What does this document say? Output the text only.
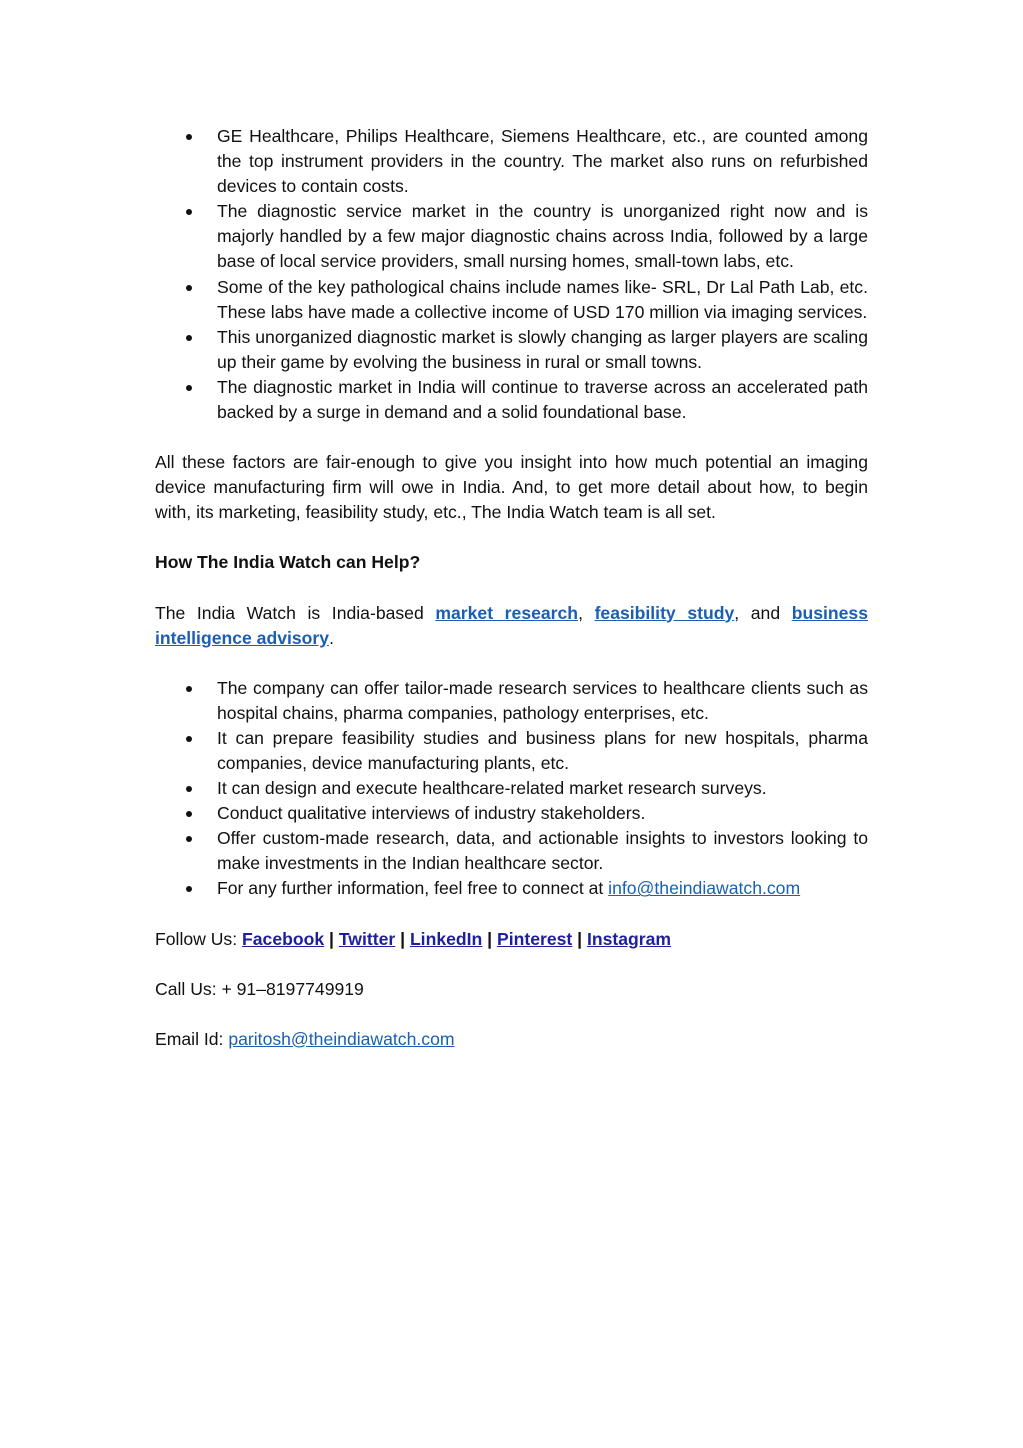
GE Healthcare, Philips Healthcare, Siemens Healthcare, etc., are counted among the top instrument providers in the country. The market also runs on refurbished devices to contain costs.
The diagnostic service market in the country is unorganized right now and is majorly handled by a few major diagnostic chains across India, followed by a large base of local service providers, small nursing homes, small-town labs, etc.
Some of the key pathological chains include names like- SRL, Dr Lal Path Lab, etc. These labs have made a collective income of USD 170 million via imaging services.
This unorganized diagnostic market is slowly changing as larger players are scaling up their game by evolving the business in rural or small towns.
The diagnostic market in India will continue to traverse across an accelerated path backed by a surge in demand and a solid foundational base.

All these factors are fair-enough to give you insight into how much potential an imaging device manufacturing firm will owe in India. And, to get more detail about how, to begin with, its marketing, feasibility study, etc., The India Watch team is all set.

How The India Watch can Help?

The India Watch is India-based market research, feasibility study, and business intelligence advisory.

The company can offer tailor-made research services to healthcare clients such as hospital chains, pharma companies, pathology enterprises, etc.
It can prepare feasibility studies and business plans for new hospitals, pharma companies, device manufacturing plants, etc.
It can design and execute healthcare-related market research surveys.
Conduct qualitative interviews of industry stakeholders.
Offer custom-made research, data, and actionable insights to investors looking to make investments in the Indian healthcare sector.
For any further information, feel free to connect at info@theindiawatch.com

Follow Us: Facebook | Twitter | LinkedIn | Pinterest | Instagram

Call Us: + 91–8197749919

Email Id: paritosh@theindiawatch.com
